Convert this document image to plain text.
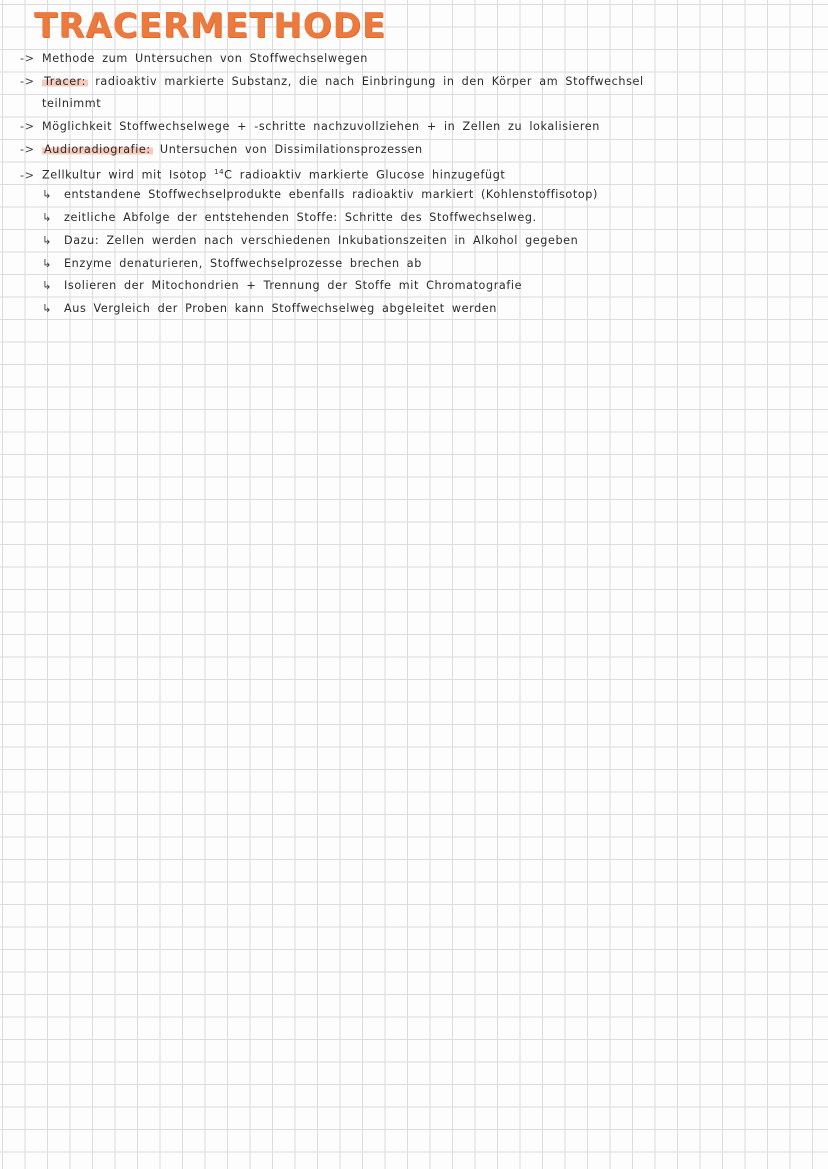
TRACERMETHODE
-> Methode zum Untersuchen von Stoffwechselwegen
-> Tracer: radioaktiv markierte Substanz, die nach Einbringung in den Körper am Stoffwechsel
teilnimmt
-> Möglichkeit Stoffwechselwege + -schritte nachzuvollziehen + in Zellen zu lokalisieren
-> Audioradiografie: Untersuchen von Dissimilationsprozessen
-> Zellkultur wird mit Isotop $^{14}$C radioaktiv markierte Glucose hinzugefügt
↳ entstandene Stoffwechselprodukte ebenfalls radioaktiv markiert (Kohlenstoffisotop)
↳ zeitliche Abfolge der entstehenden Stoffe: Schritte des Stoffwechselweg.
↳ Dazu: Zellen werden nach verschiedenen Inkubationszeiten in Alkohol gegeben
↳ Enzyme denaturieren, Stoffwechselprozesse brechen ab
↳ Isolieren der Mitochondrien + Trennung der Stoffe mit Chromatografie
↳ Aus Vergleich der Proben kann Stoffwechselweg abgeleitet werden
